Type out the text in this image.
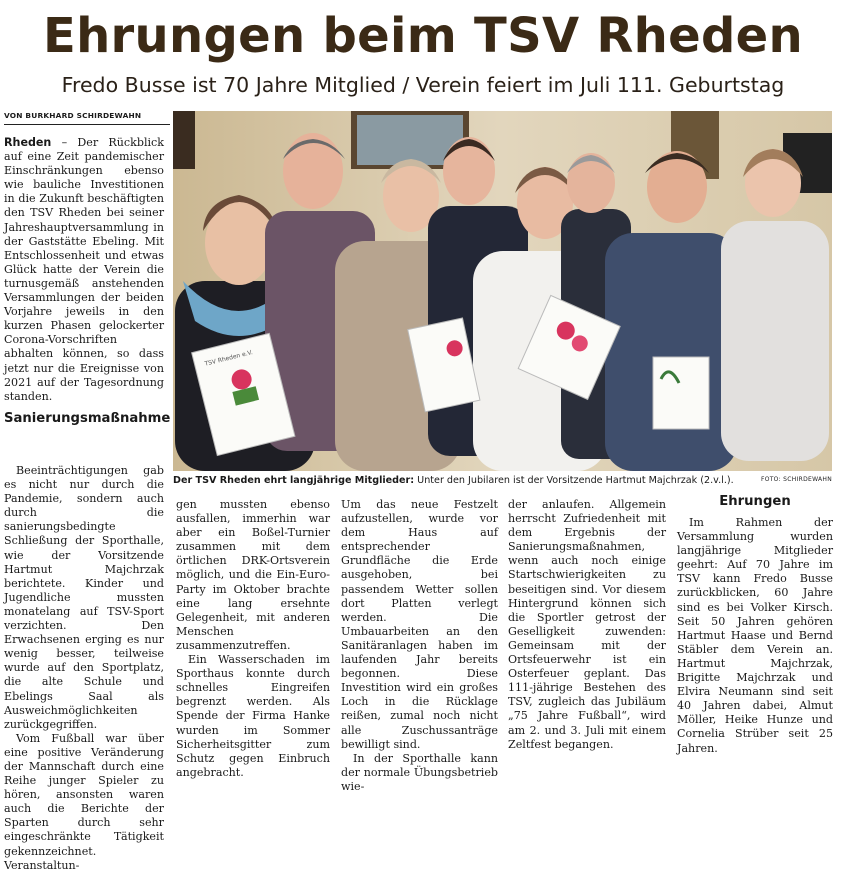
Ehrungen beim TSV Rheden
Fredo Busse ist 70 Jahre Mitglied / Verein feiert im Juli 111. Geburtstag
VON BURKHARD SCHIRDEWAHN

Rheden – Der Rückblick auf eine Zeit pandemischer Einschränkungen ebenso wie bauliche Investitionen in die Zukunft beschäftigten den TSV Rheden bei seiner Jahreshauptversammlung in der Gaststätte Ebeling. Mit Entschlossenheit und etwas Glück hatte der Verein die turnusgemäß anstehenden Versammlungen der beiden Vorjahre jeweils in den kurzen Phasen gelockerter Corona-Vorschriften abhalten können, so dass jetzt nur die Ereignisse von 2021 auf der Tagesordnung standen.

Sanierungsmaßnahme

Beeinträchtigungen gab es nicht nur durch die Pandemie, sondern auch durch die sanierungsbedingte Schließung der Sporthalle, wie der Vorsitzende Hartmut Majchrzak berichtete. Kinder und Jugendliche mussten monatelang auf TSV-Sport verzichten. Den Erwachsenen erging es nur wenig besser, teilweise wurde auf den Sportplatz, die alte Schule und Ebelings Saal als Ausweichmöglichkeiten zurückgegriffen.

Vom Fußball war über eine positive Veränderung der Mannschaft durch eine Reihe junger Spieler zu hören, ansonsten waren auch die Berichte der Sparten durch sehr eingeschränkte Tätigkeit gekennzeichnet. Veranstaltun-

gen mussten ebenso ausfallen, immerhin war aber ein Boßel-Turnier zusammen mit dem örtlichen DRK-Ortsverein möglich, und die Ein-Euro-Party im Oktober brachte eine lang ersehnte Gelegenheit, mit anderen Menschen zusammenzutreffen.

Ein Wasserschaden im Sporthaus konnte durch schnelles Eingreifen begrenzt werden. Als Spende der Firma Hanke wurden im Sommer Sicherheitsgitter zum Schutz gegen Einbruch angebracht.

Um das neue Festzelt aufzustellen, wurde vor dem Haus auf entsprechender Grundfläche die Erde ausgehoben, bei passendem Wetter sollen dort Platten verlegt werden. Die Umbauarbeiten an den Sanitäranlagen haben im laufenden Jahr bereits begonnen. Diese Investition wird ein großes Loch in die Rücklage reißen, zumal noch nicht alle Zuschussanträge bewilligt sind.

In der Sporthalle kann der normale Übungsbetrieb wie-

der anlaufen. Allgemein herrscht Zufriedenheit mit dem Ergebnis der Sanierungsmaßnahmen, wenn auch noch einige Startschwierigkeiten zu beseitigen sind. Vor diesem Hintergrund können sich die Sportler getrost der Geselligkeit zuwenden: Gemeinsam mit der Ortsfeuerwehr ist ein Osterfeuer geplant. Das 111-jährige Bestehen des TSV, zugleich das Jubiläum „75 Jahre Fußball“, wird am 2. und 3. Juli mit einem Zeltfest begangen.

Ehrungen

Im Rahmen der Versammlung wurden langjährige Mitglieder geehrt: Auf 70 Jahre im TSV kann Fredo Busse zurückblicken, 60 Jahre sind es bei Volker Kirsch. Seit 50 Jahren gehören Hartmut Haase und Bernd Stäbler dem Verein an. Hartmut Majchrzak, Brigitte Majchrzak und Elvira Neumann sind seit 40 Jahren dabei, Almut Möller, Heike Hunze und Cornelia Strüber seit 25 Jahren.

TSV Rheden e.V.
Der TSV Rheden ehrt langjährige Mitglieder: Unter den Jubilaren ist der Vorsitzende Hartmut Majchrzak (2.v.l.).	FOTO: SCHIRDEWAHN
